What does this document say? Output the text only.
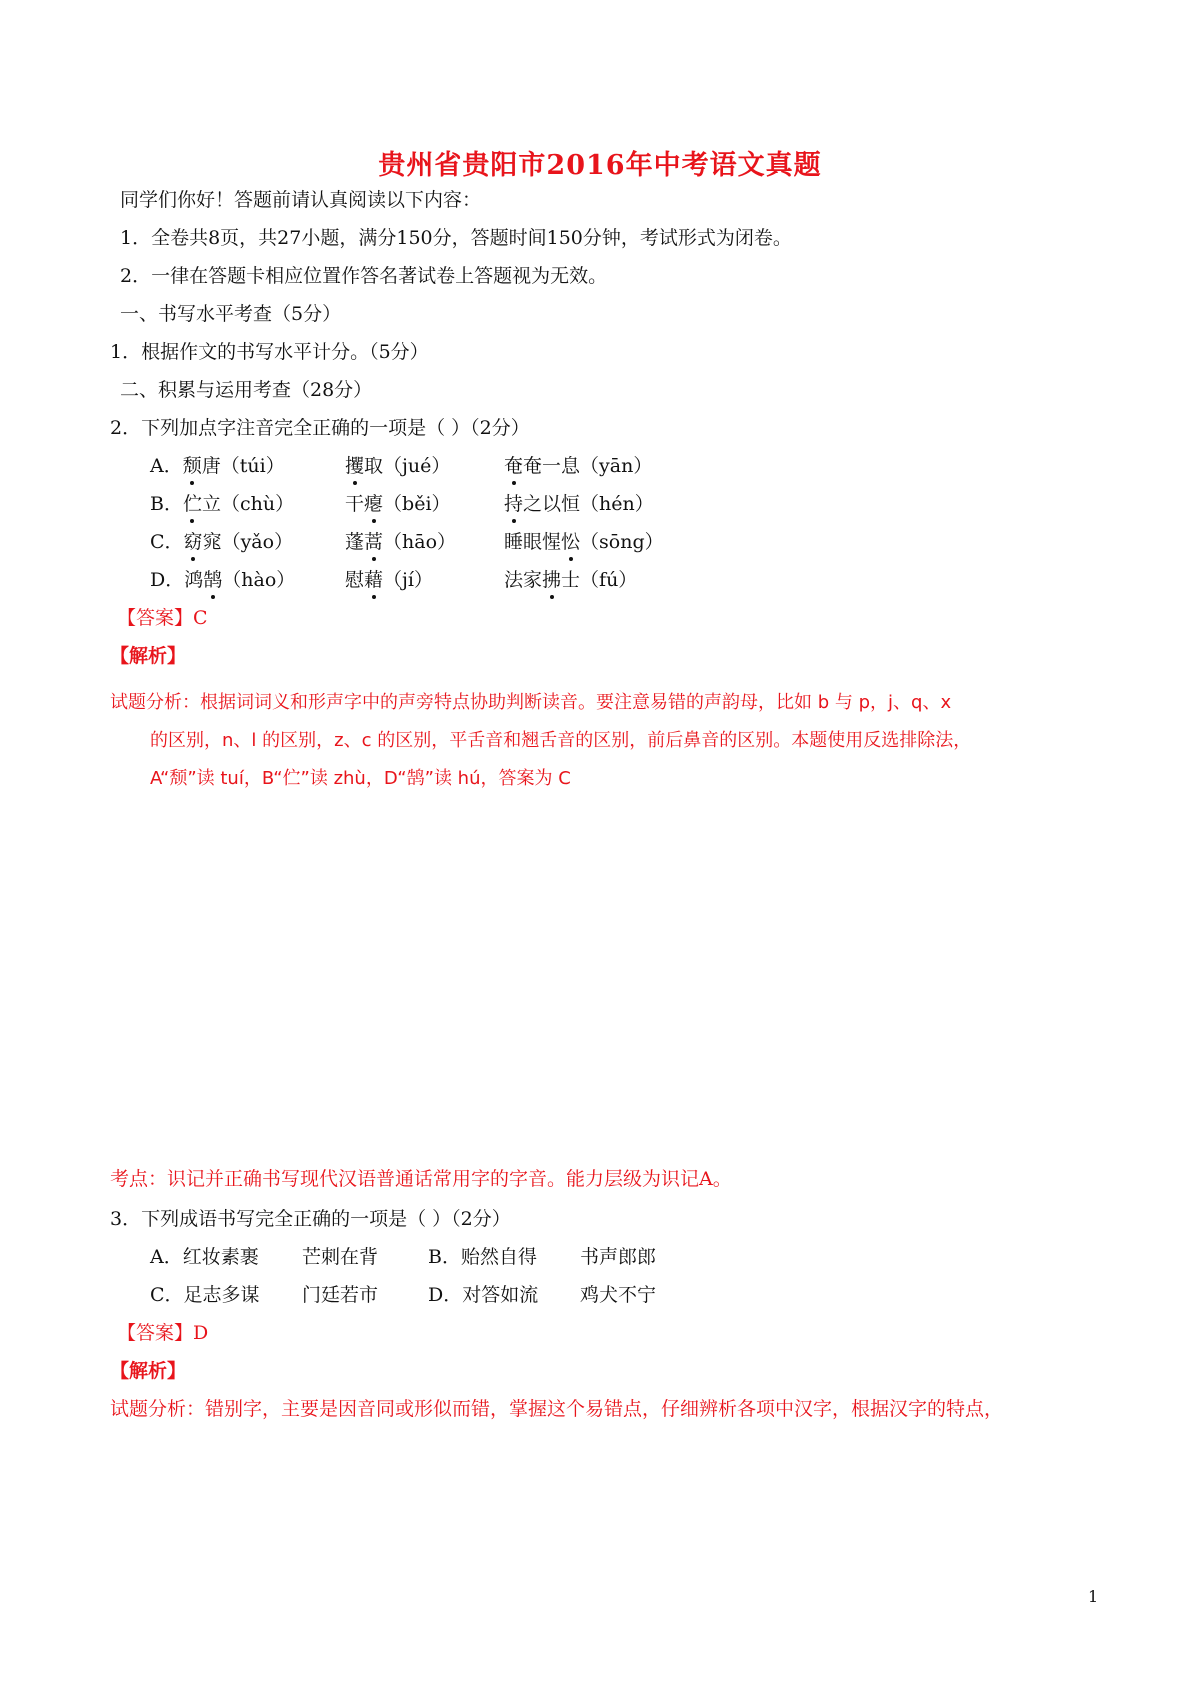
贵州省贵阳市2016年中考语文真题
同学们你好！答题前请认真阅读以下内容：
1．全卷共8页，共27小题，满分150分，答题时间150分钟，考试形式为闭卷。
2．一律在答题卡相应位置作答名著试卷上答题视为无效。
一、书写水平考查（5分）
1．根据作文的书写水平计分。（5分）
二、积累与运用考查（28分）
2．下列加点字注音完全正确的一项是（ ）（2分）
A．颓唐（túi）	攫取（jué）	奄奄一息（yān）
B．伫立（chù）	干瘪（běi）	持之以恒（hén）
C．窈窕（yǎo）	蓬蒿（hāo）	睡眼惺忪（sōng）
D．鸿鹄（hào）	慰藉（jí）	法家拂士（fú）
【答案】C
【解析】
试题分析：根据词词义和形声字中的声旁特点协助判断读音。要注意易错的声韵母，比如 b 与 p，j、q、x
的区别，n、l 的区别，z、c 的区别，平舌音和翘舌音的区别，前后鼻音的区别。本题使用反选排除法，
A“颓”读 tuí，B“伫”读 zhù，D“鹄”读 hú，答案为 C
考点：识记并正确书写现代汉语普通话常用字的字音。能力层级为识记A。
3．下列成语书写完全正确的一项是（ ）（2分）
A．红妆素裹 芒刺在背	B．贻然自得 书声郎郎
C．足志多谋 门廷若市	D．对答如流 鸡犬不宁
【答案】D
【解析】
试题分析：错别字，主要是因音同或形似而错，掌握这个易错点，仔细辨析各项中汉字，根据汉字的特点，
1
